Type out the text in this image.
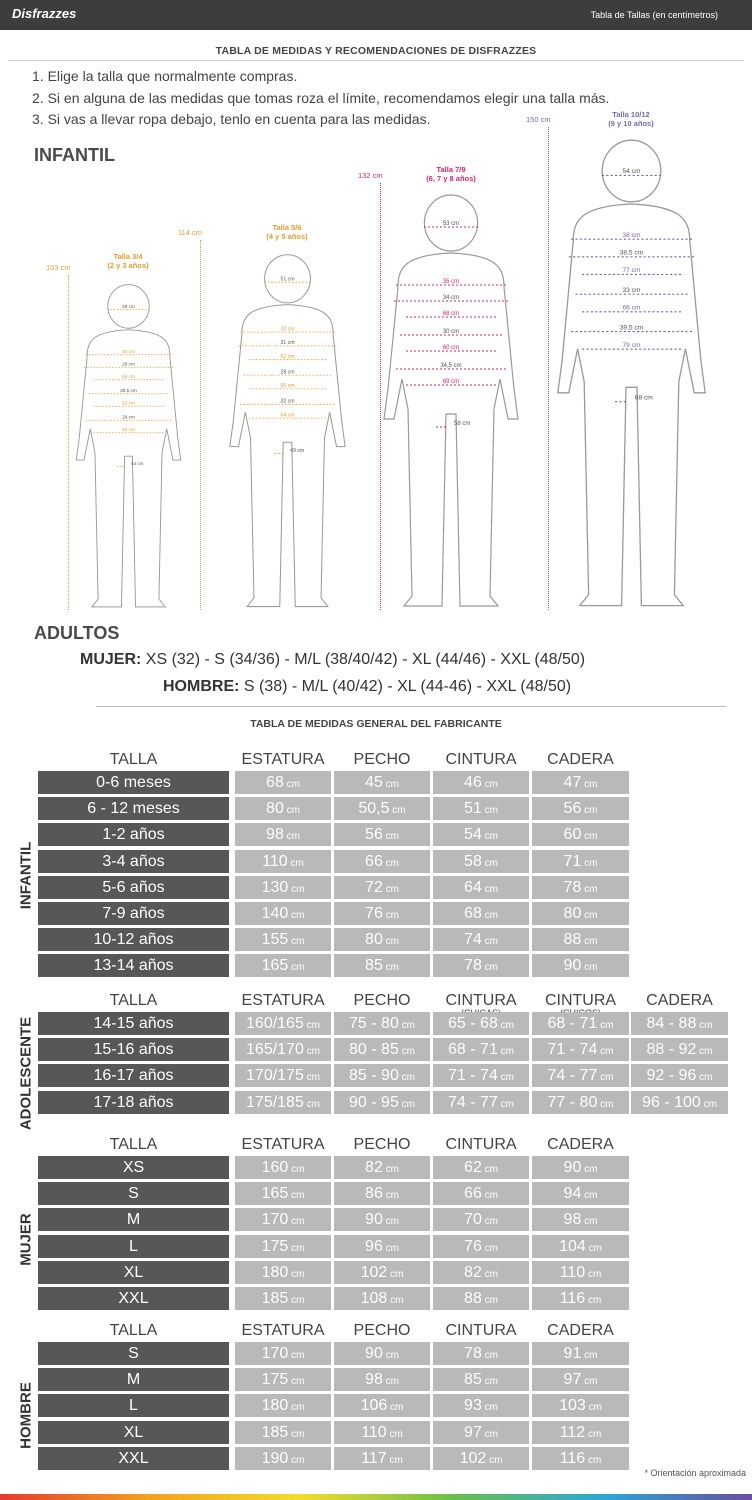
Disfrazzes	Tabla de Tallas (en centímetros)
TABLA DE MEDIDAS Y RECOMENDACIONES DE DISFRAZZES
1. Elige la talla que normalmente compras.
2. Si en alguna de las medidas que tomas roza el límite, recomendamos elegir una talla más.
3. Si vas a llevar ropa debajo, tenlo en cuenta para las medidas.
INFANTIL
49 cm
30 cm
28 cm
56 cm
26,5 cm
53 cm
29 cm
58 cm
44 cm
Talla 3/4
(2 y 3 años)
103 cm
51 cm
32 cm
31 cm
62 cm
28 cm
56 cm
32 cm
64 cm
49 cm
Talla 5/6
(4 y 5 años)
114 cm
53 cm
35 cm
34 cm
68 cm
30 cm
60 cm
34,5 cm
69 cm
58 cm
Talla 7/9
(6, 7 y 8 años)
132 cm	54 cm
38 cm
38,5 cm
77 cm
33 cm
66 cm
39,5 cm
79 cm
68 cm
Talla 10/12
(9 y 10 años)
150 cm
ADULTOS
MUJER: XS (32) - S (34/36) - M/L (38/40/42) - XL (44/46) - XXL (48/50)
HOMBRE: S (38) - M/L (40/42) - XL (44-46) - XXL (48/50)
TABLA DE MEDIDAS GENERAL DEL FABRICANTE
TALLA	ESTATURA	PECHO	CINTURA	CADERA
0-6 meses	68 cm	45 cm	46 cm	47 cm
6 - 12 meses	80 cm	50,5 cm	51 cm	56 cm
1-2 años	98 cm	56 cm	54 cm	60 cm
3-4 años	110 cm	66 cm	58 cm	71 cm
5-6 años	130 cm	72 cm	64 cm	78 cm
7-9 años	140 cm	76 cm	68 cm	80 cm
10-12 años	155 cm	80 cm	74 cm	88 cm
13-14 años	165 cm	85 cm	78 cm	90 cm
INFANTIL
TALLA	ESTATURA	PECHO	CINTURA	CINTURA	CADERA
14-15 años	160/165 cm	75 - 80 cm	65 - 68 cm	68 - 71 cm	84 - 88 cm
15-16 años	165/170 cm	80 - 85 cm	68 - 71 cm	71 - 74 cm	88 - 92 cm
16-17 años	170/175 cm	85 - 90 cm	71 - 74 cm	74 - 77 cm	92 - 96 cm
17-18 años	175/185 cm	90 - 95 cm	74 - 77 cm	77 - 80 cm	96 - 100 cm
ADOLESCENTE
TALLA	ESTATURA	PECHO	CINTURA	CADERA
XS	160 cm	82 cm	62 cm	90 cm
S	165 cm	86 cm	66 cm	94 cm
M	170 cm	90 cm	70 cm	98 cm
L	175 cm	96 cm	76 cm	104 cm
XL	180 cm	102 cm	82 cm	110 cm
XXL	185 cm	108 cm	88 cm	116 cm
MUJER
TALLA	ESTATURA	PECHO	CINTURA	CADERA
S	170 cm	90 cm	78 cm	91 cm
M	175 cm	98 cm	85 cm	97 cm
L	180 cm	106 cm	93 cm	103 cm
XL	185 cm	110 cm	97 cm	112 cm
XXL	190 cm	117 cm	102 cm	116 cm
HOMBRE
* Orientación aproximada
